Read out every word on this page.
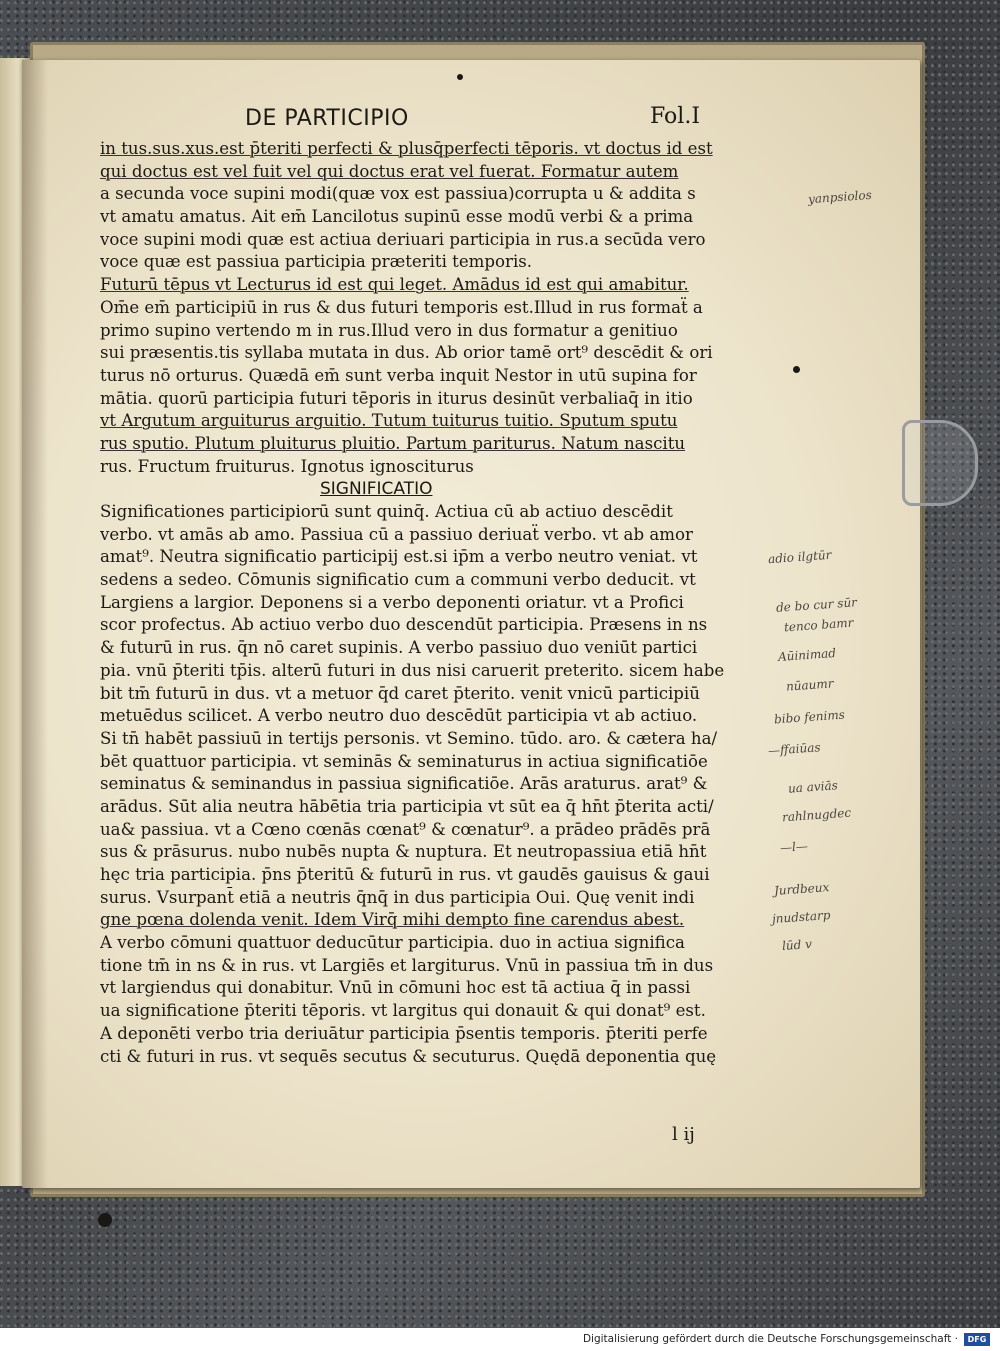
DE PARTICIPIO	Fol.I
in tus.sus.xus.est p̄teriti perfecti & plusq̄perfecti tēporis. vt doctus id est
qui doctus est vel fuit vel qui doctus erat vel fuerat. Formatur autem
a secunda voce supini modi(quæ vox est passiua)corrupta u & addita s
vt amatu amatus. Ait em̄ Lancilotus supinū esse modū verbi & a prima
voce supini modi quæ est actiua deriuari participia in rus.a secūda vero
voce quæ est passiua participia præteriti temporis.
Futurū tēpus vt Lecturus id est qui leget. Amādus id est qui amabitur.
Om̄e em̄ participiū in rus & dus futuri temporis est.Illud in rus formaẗ a
primo supino vertendo m in rus.Illud vero in dus formatur a genitiuo
sui præsentis.tis syllaba mutata in dus. Ab orior tamē ort⁹ descēdit & ori
turus nō orturus. Quædā em̄ sunt verba inquit Nestor in utū supina for
mātia. quorū participia futuri tēporis in iturus desinūt verbaliaq̄ in itio
vt Argutum arguiturus arguitio. Tutum tuiturus tuitio. Sputum sputu
rus sputio. Plutum pluiturus pluitio. Partum pariturus. Natum nascitu
rus. Fructum fruiturus. Ignotus ignosciturus
SIGNIFICATIO
Significationes participiorū sunt quinq̄. Actiua cū ab actiuo descēdit
verbo. vt amās ab amo. Passiua cū a passiuo deriuaẗ verbo. vt ab amor
amat⁹. Neutra significatio participij est.si ip̄m a verbo neutro veniat. vt
sedens a sedeo. Cōmunis significatio cum a communi verbo deducit. vt
Largiens a largior. Deponens si a verbo deponenti oriatur. vt a Profici
scor profectus. Ab actiuo verbo duo descendūt participia. Præsens in ns
& futurū in rus. q̄n nō caret supinis. A verbo passiuo duo veniūt partici
pia. vnū p̄teriti tp̄is. alterū futuri in dus nisi caruerit preterito. sicem habe
bit tm̄ futurū in dus. vt a metuor q̄d caret p̄terito. venit vnicū participiū
metuēdus scilicet. A verbo neutro duo descēdūt participia vt ab actiuo.
Si tn̄ habēt passiuū in tertijs personis. vt Semino. tūdo. aro. & cætera ha/
bēt quattuor participia. vt seminās & seminaturus in actiua significatiōe
seminatus & seminandus in passiua significatiōe. Arās araturus. arat⁹ &
arādus. Sūt alia neutra hābētia tria participia vt sūt ea q̄ hn̄t p̄terita acti/
ua& passiua. vt a Cœno cœnās cœnat⁹ & cœnatur⁹. a prādeo prādēs prā
sus & prāsurus. nubo nubēs nupta & nuptura. Et neutropassiua etiā hn̄t
hęc tria participia. p̄ns p̄teritū & futurū in rus. vt gaudēs gauisus & gaui
surus. Vsurpant̄ etiā a neutris q̄nq̄ in dus participia Oui. Quę venit indi
gne pœna dolenda venit. Idem Virq̄ mihi dempto fine carendus abest.
A verbo cōmuni quattuor deducūtur participia. duo in actiua significa
tione tm̄ in ns & in rus. vt Largiēs et largiturus. Vnū in passiua tm̄ in dus
vt largiendus qui donabitur. Vnū in cōmuni hoc est tā actiua q̄ in passi
ua significatione p̄teriti tēporis. vt largitus qui donauit & qui donat⁹ est.
A deponēti verbo tria deriuātur participia p̄sentis temporis. p̄teriti perfe
cti & futuri in rus. vt sequēs secutus & secuturus. Quędā deponentia quę
l ij
yanpsiolos
adio ilgtūr
de bo cur sūr
tenco bamr
Aūinimad
nūaumr
bibo fenims
—ffaiūas
ua aviās
rahlnugdec
—l—
Jurdbeux
jnudstarp
lūd v
Digitalisierung gefördert durch die Deutsche Forschungsgemeinschaft ·	DFG
